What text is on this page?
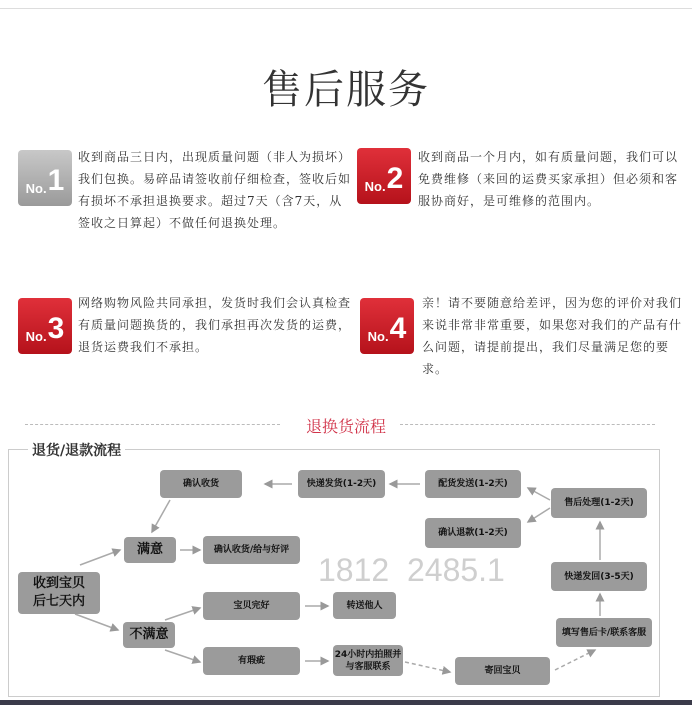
售后服务
No. 1
收到商品三日内，出现质量问题（非人为损坏）我们包换。易碎品请签收前仔细检查，签收后如有损坏不承担退换要求。超过7天（含7天，从签收之日算起）不做任何退换处理。
No. 2
收到商品一个月内，如有质量问题，我们可以免费维修（来回的运费买家承担）但必须和客服协商好，是可维修的范围内。
No. 3
网络购物风险共同承担，发货时我们会认真检查有质量问题换货的，我们承担再次发货的运费，退货运费我们不承担。
No. 4
亲！请不要随意给差评，因为您的评价对我们来说非常非常重要，如果您对我们的产品有什么问题，请提前提出，我们尽量满足您的要求。
退换货流程
退货/退款流程
确认收货	快递发货(1-2天)	配货发送(1-2天)
售后处理(1-2天)
确认退款(1-2天)
满意	确认收货/给与好评
收到宝贝后七天内
快递发回(3-5天)
宝贝完好	转送他人
填写售后卡/联系客服
不满意
有瑕疵
24小时内拍照并与客服联系	寄回宝贝
1812  2485.1
